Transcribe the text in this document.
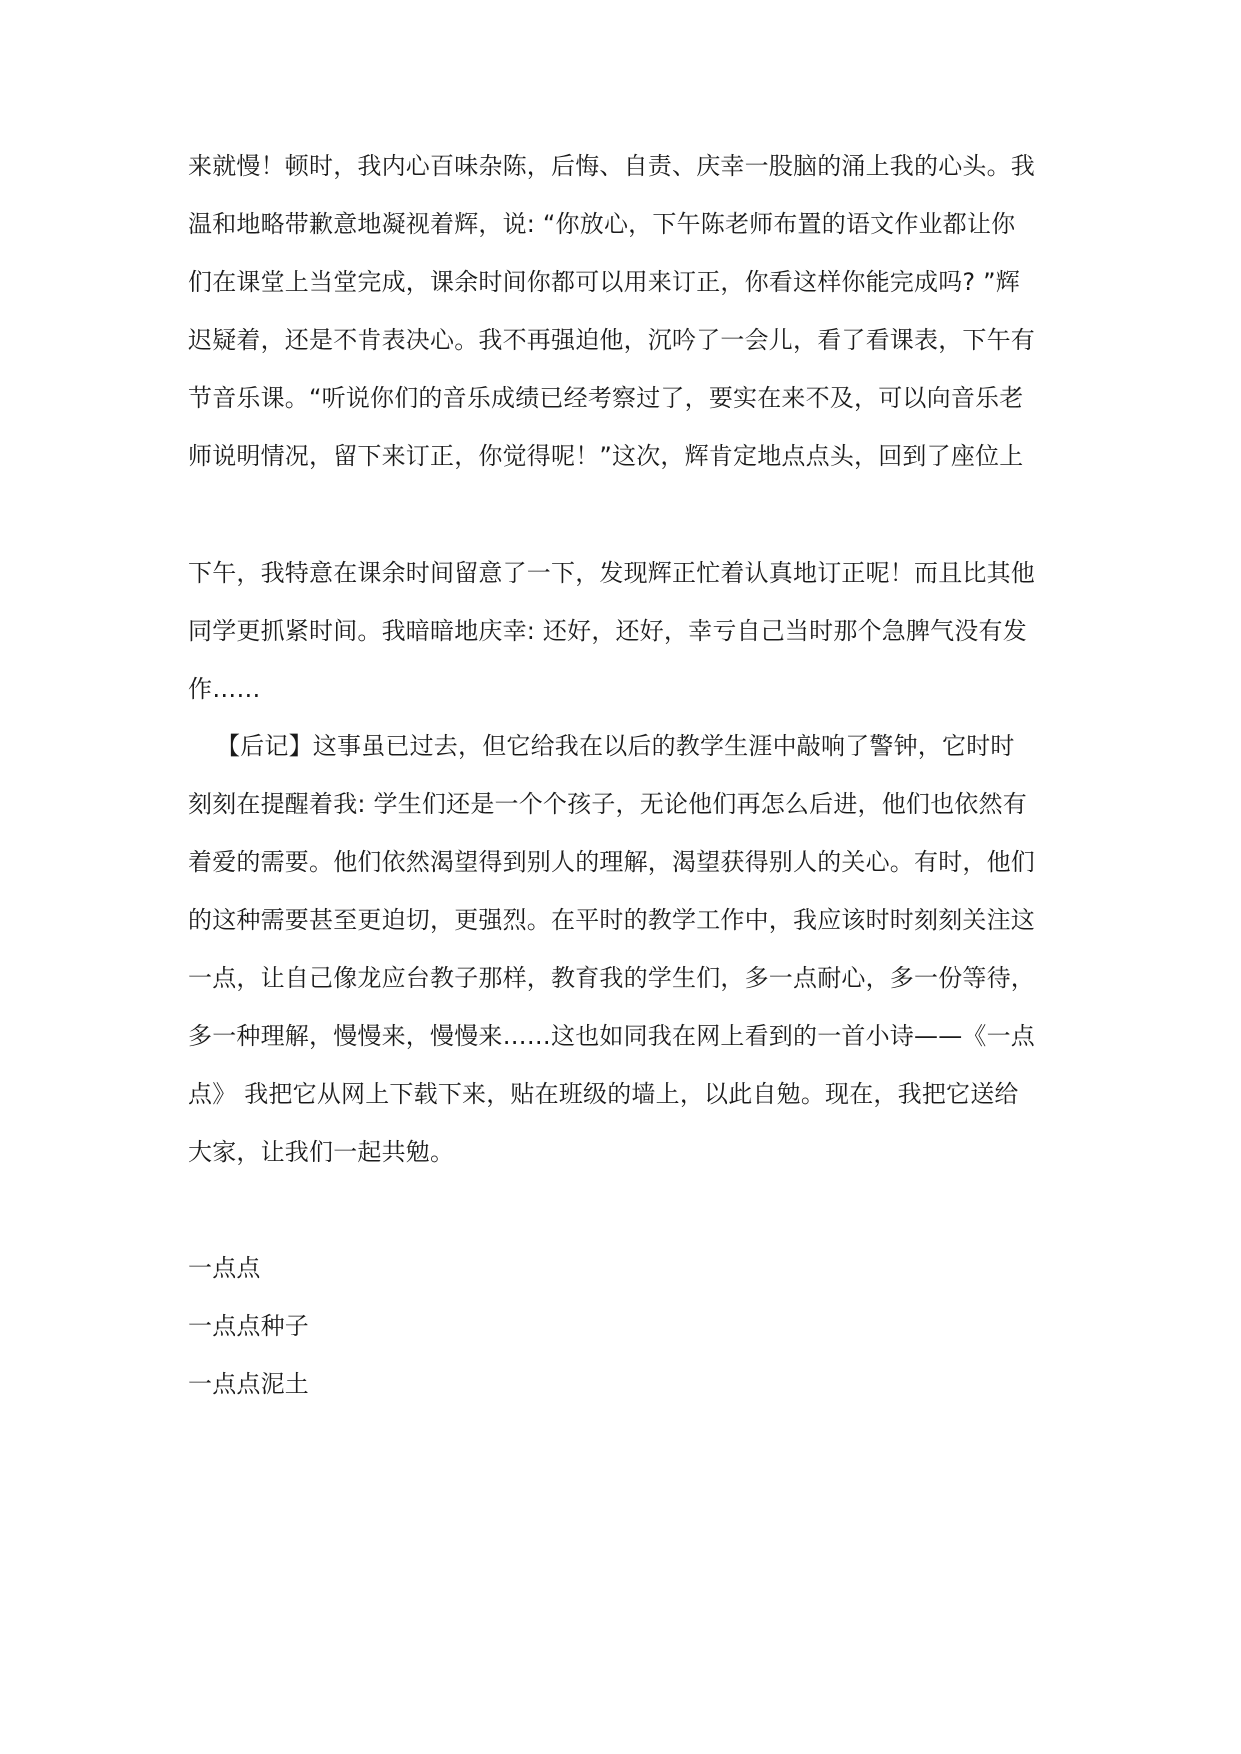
来就慢！顿时，我内心百味杂陈，后悔、自责、庆幸一股脑的涌上我的心头。我
温和地略带歉意地凝视着辉，说: “你放心，下午陈老师布置的语文作业都让你
们在课堂上当堂完成，课余时间你都可以用来订正，你看这样你能完成吗? ”辉
迟疑着，还是不肯表决心。我不再强迫他，沉吟了一会儿，看了看课表，下午有
节音乐课。“听说你们的音乐成绩已经考察过了，要实在来不及，可以向音乐老
师说明情况，留下来订正，你觉得呢！”这次，辉肯定地点点头，回到了座位上
下午，我特意在课余时间留意了一下，发现辉正忙着认真地订正呢！而且比其他
同学更抓紧时间。我暗暗地庆幸: 还好，还好，幸亏自己当时那个急脾气没有发
作……
【后记】这事虽已过去，但它给我在以后的教学生涯中敲响了警钟，它时时
刻刻在提醒着我: 学生们还是一个个孩子，无论他们再怎么后进，他们也依然有
着爱的需要。他们依然渴望得到别人的理解，渴望获得别人的关心。有时，他们
的这种需要甚至更迫切，更强烈。在平时的教学工作中，我应该时时刻刻关注这
一点，让自己像龙应台教子那样，教育我的学生们，多一点耐心，多一份等待，
多一种理解，慢慢来，慢慢来……这也如同我在网上看到的一首小诗——《一点
点》 我把它从网上下载下来，贴在班级的墙上，以此自勉。现在，我把它送给
大家，让我们一起共勉。
一点点
一点点种子
一点点泥土
